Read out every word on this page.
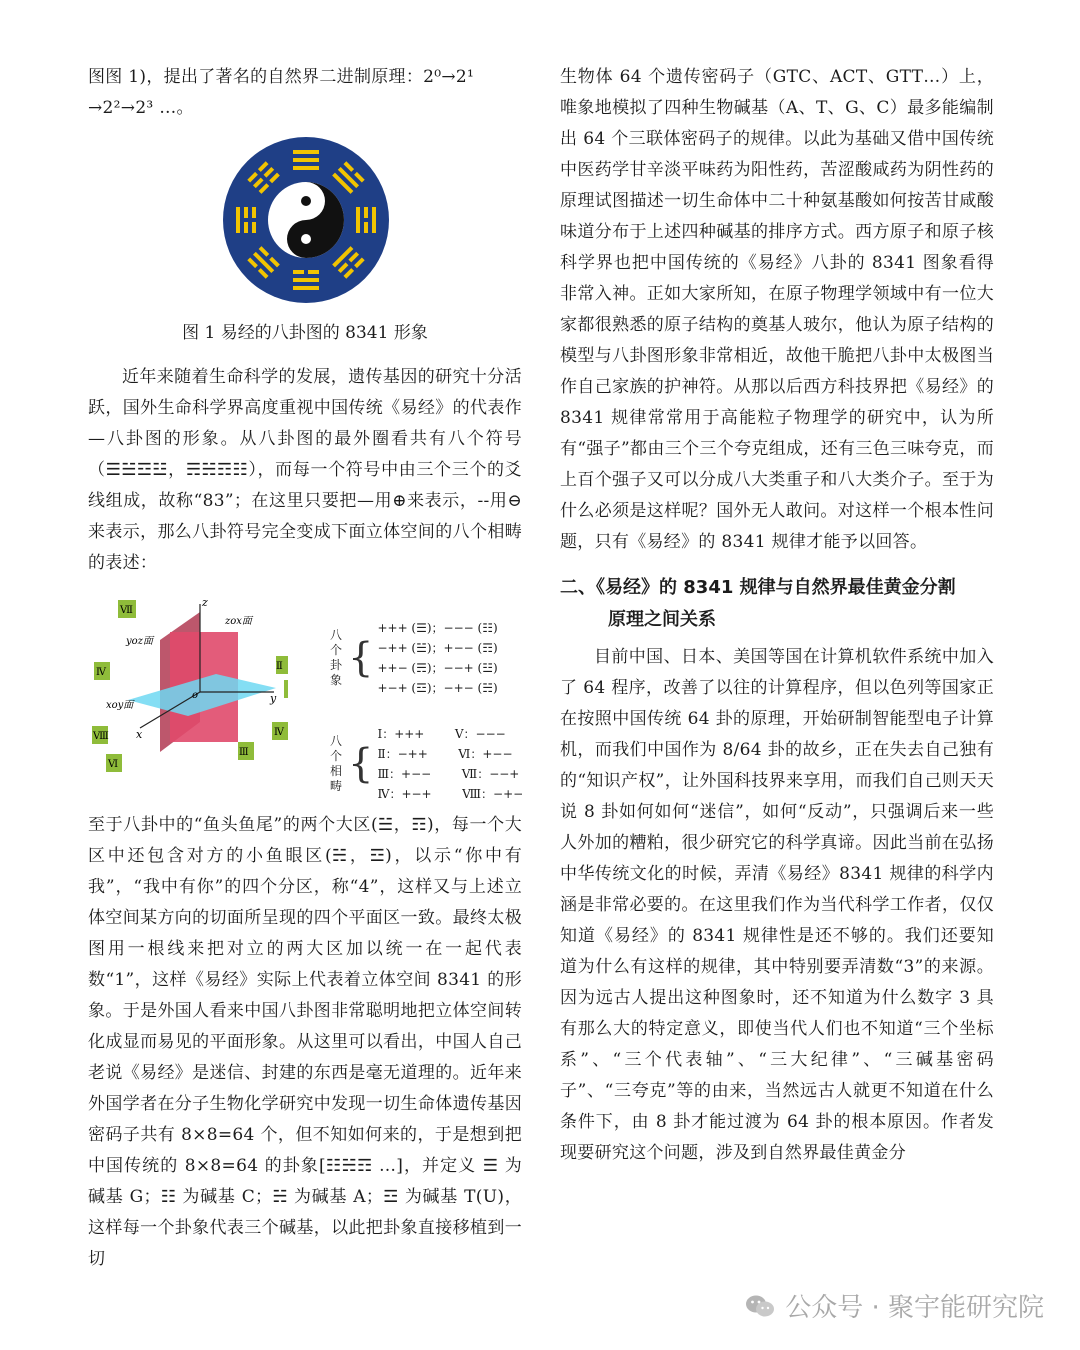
图图 1)，提出了著名的自然界二进制原理：2⁰→2¹

→2²→2³ …。

图 1 易经的八卦图的 8341 形象

近年来随着生命科学的发展，遗传基因的研究十分活跃，国外生命科学界高度重视中国传统《易经》的代表作—八卦图的形象。从八卦图的最外圈看共有八个符号（☰☱☲☳，☴☵☶☷），而每一个符号中由三个三个的爻线组成，故称“83”；在这里只要把—用⊕来表示，--用⊖来表示，那么八卦符号完全变成下面立体空间的八个相畴的表述：

z
y
x
o
zox面
yoz面
xoy面
Ⅶ
Ⅱ
Ⅳ
Ⅳ
Ⅷ
Ⅲ
Ⅵ
八个卦象 {
+++ (☰)；−−− (☷)
−++ (☱)；+−− (☶)
++− (☴)；−−+ (☳)
+−+ (☲)；−+− (☵)
八个相畴 {
Ⅰ：+++        Ⅴ：−−−
Ⅱ：−++        Ⅵ：+−−
Ⅲ：+−−        Ⅶ：−−+
Ⅳ：+−+        Ⅷ：−+−

至于八卦中的“鱼头鱼尾”的两个大区(☱，☶)，每一个大区中还包含对方的小鱼眼区(☵，☲)，以示“你中有我”，“我中有你”的四个分区，称“4”，这样又与上述立体空间某方向的切面所呈现的四个平面区一致。最终太极图用一根线来把对立的两大区加以统一在一起代表数“1”，这样《易经》实际上代表着立体空间 8341 的形象。于是外国人看来中国八卦图非常聪明地把立体空间转化成显而易见的平面形象。从这里可以看出，中国人自己老说《易经》是迷信、封建的东西是毫无道理的。近年来外国学者在分子生物化学研究中发现一切生命体遗传基因密码子共有 8×8=64 个，但不知如何来的，于是想到把中国传统的 8×8=64 的卦象[☷☵☶ …]，并定义 ☰ 为碱基 G；☷ 为碱基 C；☵ 为碱基 A；☲ 为碱基 T(U)，这样每一个卦象代表三个碱基，以此把卦象直接移植到一切

生物体 64 个遗传密码子（GTC、ACT、GTT…）上，唯象地模拟了四种生物碱基（A、T、G、C）最多能编制出 64 个三联体密码子的规律。以此为基础又借中国传统中医药学甘辛淡平味药为阳性药，苦涩酸咸药为阴性药的原理试图描述一切生命体中二十种氨基酸如何按苦甘咸酸味道分布于上述四种碱基的排序方式。西方原子和原子核科学界也把中国传统的《易经》八卦的 8341 图象看得非常入神。正如大家所知，在原子物理学领域中有一位大家都很熟悉的原子结构的奠基人玻尔，他认为原子结构的模型与八卦图形象非常相近，故他干脆把八卦中太极图当作自己家族的护神符。从那以后西方科技界把《易经》的 8341 规律常常用于高能粒子物理学的研究中，认为所有“强子”都由三个三个夸克组成，还有三色三味夸克，而上百个强子又可以分成八大类重子和八大类介子。至于为什么必须是这样呢？国外无人敢问。对这样一个根本性问题，只有《易经》的 8341 规律才能予以回答。

二、《易经》的 8341 规律与自然界最佳黄金分割
原理之间关系

目前中国、日本、美国等国在计算机软件系统中加入了 64 程序，改善了以往的计算程序，但以色列等国家正在按照中国传统 64 卦的原理，开始研制智能型电子计算机，而我们中国作为 8/64 卦的故乡，正在失去自己独有的“知识产权”，让外国科技界来享用，而我们自己则天天说 8 卦如何如何“迷信”，如何“反动”，只强调后来一些人外加的糟粕，很少研究它的科学真谛。因此当前在弘扬中华传统文化的时候，弄清《易经》8341 规律的科学内涵是非常必要的。在这里我们作为当代科学工作者，仅仅知道《易经》的 8341 规律性是还不够的。我们还要知道为什么有这样的规律，其中特别要弄清数“3”的来源。因为远古人提出这种图象时，还不知道为什么数字 3 具有那么大的特定意义，即使当代人们也不知道“三个坐标系”、“三个代表轴”、“三大纪律”、“三碱基密码子”、“三夸克”等的由来，当然远古人就更不知道在什么条件下，由 8 卦才能过渡为 64 卦的根本原因。作者发现要研究这个问题，涉及到自然界最佳黄金分

公众号 · 聚宇能研究院
